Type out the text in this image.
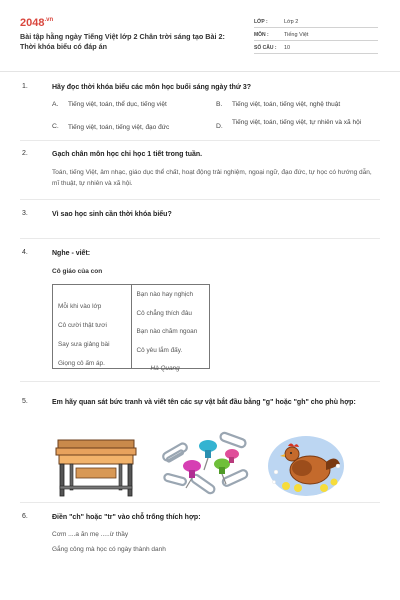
$2048^{.vn}$
Bài tập hằng ngày Tiếng Việt lớp 2 Chân trời sáng tạo Bài 2: Thời khóa biểu có đáp án
LỚP :	Lớp 2
MÔN :	Tiếng Việt
SỐ CÂU :	10
1.	Hãy đọc thời khóa biểu các môn học buổi sáng ngày thứ 3?
A.	Tiếng việt, toán, thể dục, tiếng việt	B.	Tiếng việt, toán, tiếng việt, nghệ thuật
C.	Tiếng việt, toán, tiếng việt, đạo đức	D.
Tiếng việt, toán, tiếng việt, tự nhiên và xã hội
2.	Gạch chân môn học chỉ học 1 tiết trong tuần.
Toán, tiếng Việt, âm nhạc, giáo dục thể chất, hoạt động trải nghiệm, ngoại ngữ, đạo đức, tự học có hướng dẫn, mĩ thuật, tự nhiên và xã hội.
3.	Vì sao học sinh cần thời khóa biểu?
4.	Nghe - viết:
Cô giáo của con
Mỗi khi vào lớp
Cô cười thật tươi
Say sưa giảng bài
Giọng cô ấm áp.
Bạn nào hay nghịch
Cô chẳng thích đâu
Bạn nào chăm ngoan
Cô yêu lắm đấy.
Hà Quang
5.	Em hãy quan sát bức tranh và viết tên các sự vật bắt đầu bằng "g" hoặc "gh" cho phù hợp:
6.	Điền "ch" hoặc "tr" vào chỗ trống thích hợp:
Cơm ....a ăn mẹ .....ừ thầy
Gắng công mà học có ngày thành danh
